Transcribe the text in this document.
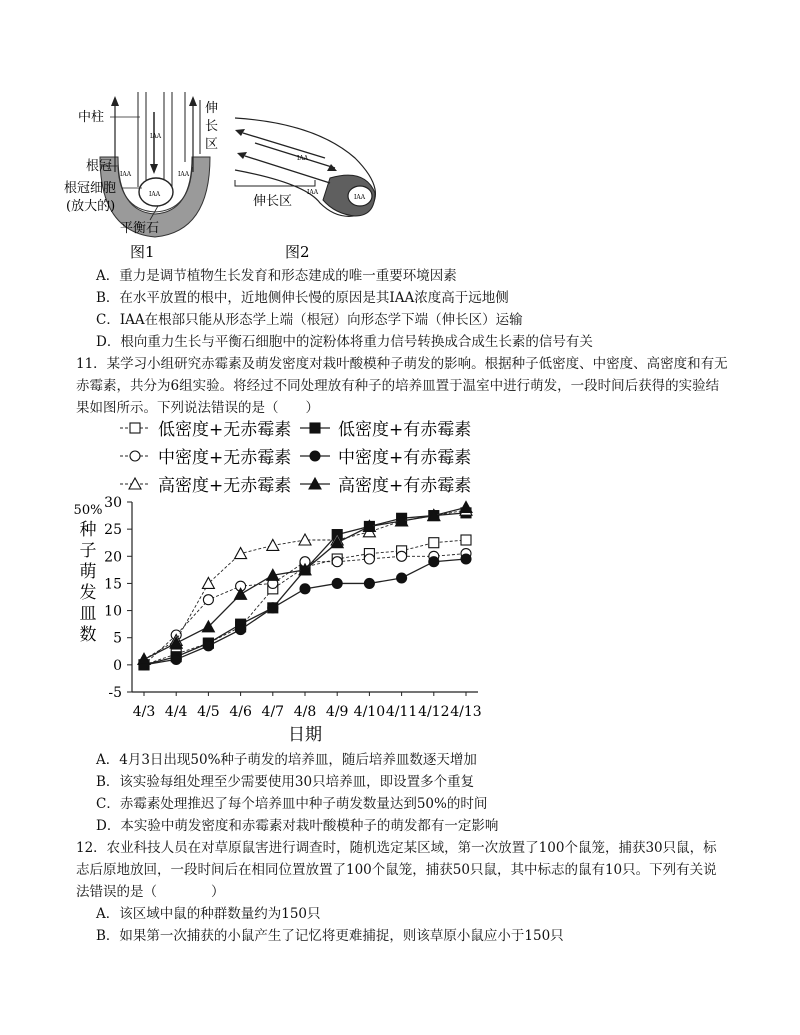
IAA
IAA
IAA	IAA
中柱
根冠
根冠细胞
(放大的)
平衡石
伸
长
区
图1
IAA
IAA
IAA
伸长区
图2
A．重力是调节植物生长发育和形态建成的唯一重要环境因素
B．在水平放置的根中，近地侧伸长慢的原因是其IAA浓度高于远地侧
C．IAA在根部只能从形态学上端（根冠）向形态学下端（伸长区）运输
D．根向重力生长与平衡石细胞中的淀粉体将重力信号转换成合成生长素的信号有关
11．某学习小组研究赤霉素及萌发密度对栽叶酸模种子萌发的影响。根据种子低密度、中密度、高密度和有无
赤霉素，共分为6组实验。将经过不同处理放有种子的培养皿置于温室中进行萌发，一段时间后获得的实验结
果如图所示。下列说法错误的是（　　）
-5
0
5
10
15
20
25
30
4/3 4/4 4/5 4/6 4/7 4/8 4/9 4/10 4/11 4/12 4/13
日期
50%种子萌发皿数
低密度+无赤霉素	低密度+有赤霉素
中密度+无赤霉素	中密度+有赤霉素
高密度+无赤霉素	高密度+有赤霉素
A．4月3日出现50%种子萌发的培养皿，随后培养皿数逐天增加
B．该实验每组处理至少需要使用30只培养皿，即设置多个重复
C．赤霉素处理推迟了每个培养皿中种子萌发数量达到50%的时间
D．本实验中萌发密度和赤霉素对栽叶酸模种子的萌发都有一定影响
12．农业科技人员在对草原鼠害进行调查时，随机选定某区域，第一次放置了100个鼠笼，捕获30只鼠，标
志后原地放回，一段时间后在相同位置放置了100个鼠笼，捕获50只鼠，其中标志的鼠有10只。下列有关说
法错误的是（　　　　）
A．该区域中鼠的种群数量约为150只
B．如果第一次捕获的小鼠产生了记忆将更难捕捉，则该草原小鼠应小于150只
